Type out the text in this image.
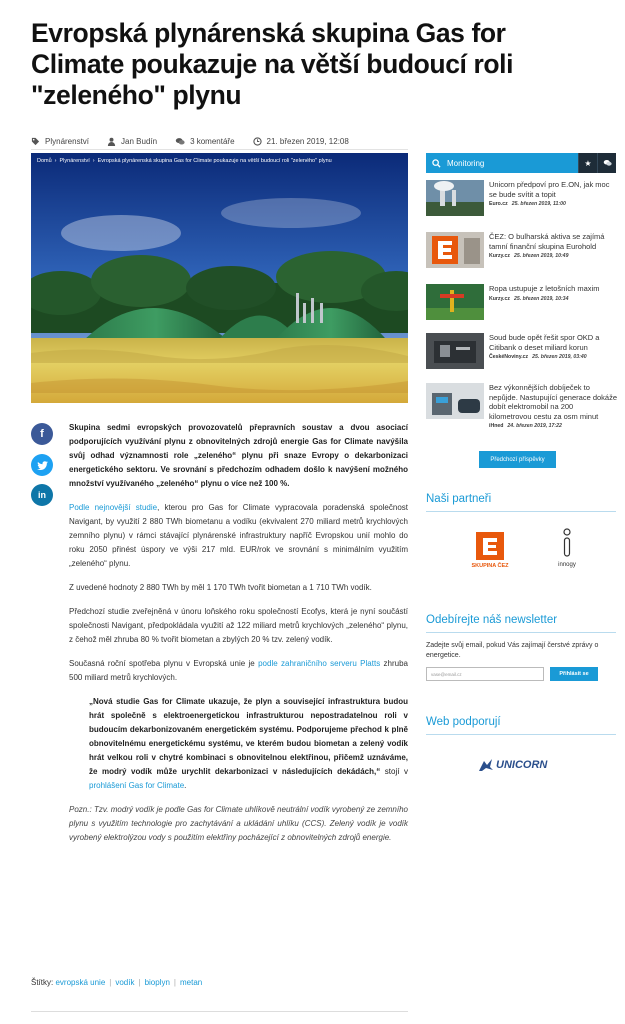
Evropská plynárenská skupina Gas for Climate poukazuje na větší budoucí roli "zeleného" plynu
Plynárenství	Jan Budín	3 komentáře	21. březen 2019, 12:08
Domů › Plynárenství › Evropská plynárenská skupina Gas for Climate poukazuje na větší budoucí roli "zeleného" plynu
f
in

Skupina sedmi evropských provozovatelů přepravních soustav a dvou asociací podporujících využívání plynu z obnovitelných zdrojů energie Gas for Climate navýšila svůj odhad významnosti role „zeleného“ plynu při snaze Evropy o dekarbonizaci energetického sektoru. Ve srovnání s předchozím odhadem došlo k navýšení možného množství využívaného „zeleného“ plynu o více než 100 %.

Podle nejnovější studie, kterou pro Gas for Climate vypracovala poradenská společnost Navigant, by využití 2 880 TWh biometanu a vodíku (ekvivalent 270 miliard metrů krychlových zemního plynu) v rámci stávající plynárenské infrastruktury napříč Evropskou unií mohlo do roku 2050 přinést úspory ve výši 217 mld. EUR/rok ve srovnání s minimálním využitím „zeleného“ plynu.

Z uvedené hodnoty 2 880 TWh by měl 1 170 TWh tvořit biometan a 1 710 TWh vodík.

Předchozí studie zveřejněná v únoru loňského roku společností Ecofys, která je nyní součástí společnosti Navigant, předpokládala využití až 122 miliard metrů krychlových „zeleného“ plynu, z čehož měl zhruba 80 % tvořit biometan a zbylých 20 % tzv. zelený vodík.

Současná roční spotřeba plynu v Evropská unie je podle zahraničního serveru Platts zhruba 500 miliard metrů krychlových.

„Nová studie Gas for Climate ukazuje, že plyn a související infrastruktura budou hrát společně s elektroenergetickou infrastrukturou nepostradatelnou roli v budoucím dekarbonizovaném energetickém systému. Podporujeme přechod k plně obnovitelnému energetickému systému, ve kterém budou biometan a zelený vodík hrát velkou roli v chytré kombinaci s obnovitelnou elektřinou, přičemž uznáváme, že modrý vodík může urychlit dekarbonizaci v následujících dekádách,“ stojí v prohlášení Gas for Climate.

Pozn.: Tzv. modrý vodík je podle Gas for Climate uhlíkově neutrální vodík vyrobený ze zemního plynu s využitím technologie pro zachytávání a ukládání uhlíku (CCS). Zelený vodík je vodík vyrobený elektrolýzou vody s použitím elektřiny pocházející z obnovitelných zdrojů energie.

Štítky: evropská unie | vodík | bioplyn | metan
Monitoring	★
Unicorn předpoví pro E.ON, jak moc se bude svítit a topit
Euro.cz 25. březen 2019, 11:00
ČEZ: O bulharská aktiva se zajímá tamní finanční skupina Eurohold
Kurzy.cz 25. březen 2019, 10:49
Ropa ustupuje z letošních maxim
Kurzy.cz 25. březen 2019, 10:34
Soud bude opět řešit spor OKD a Citibank o deset miliard korun
ČeskéNoviny.cz 25. březen 2019, 03:40
Bez výkonnějších dobíječek to nepůjde. Nastupující generace dokáže dobít elektromobil na 200 kilometrovou cestu za osm minut
iHned 24. březen 2019, 17:22
Předchozí příspěvky
Naši partneři
SKUPINA ČEZ	innogy
Odebírejte náš newsletter
Zadejte svůj email, pokud Vás zajímají čerstvé zprávy o energetice.
vase@email.cz	Přihlásit se
Web podporují
UNICORN
